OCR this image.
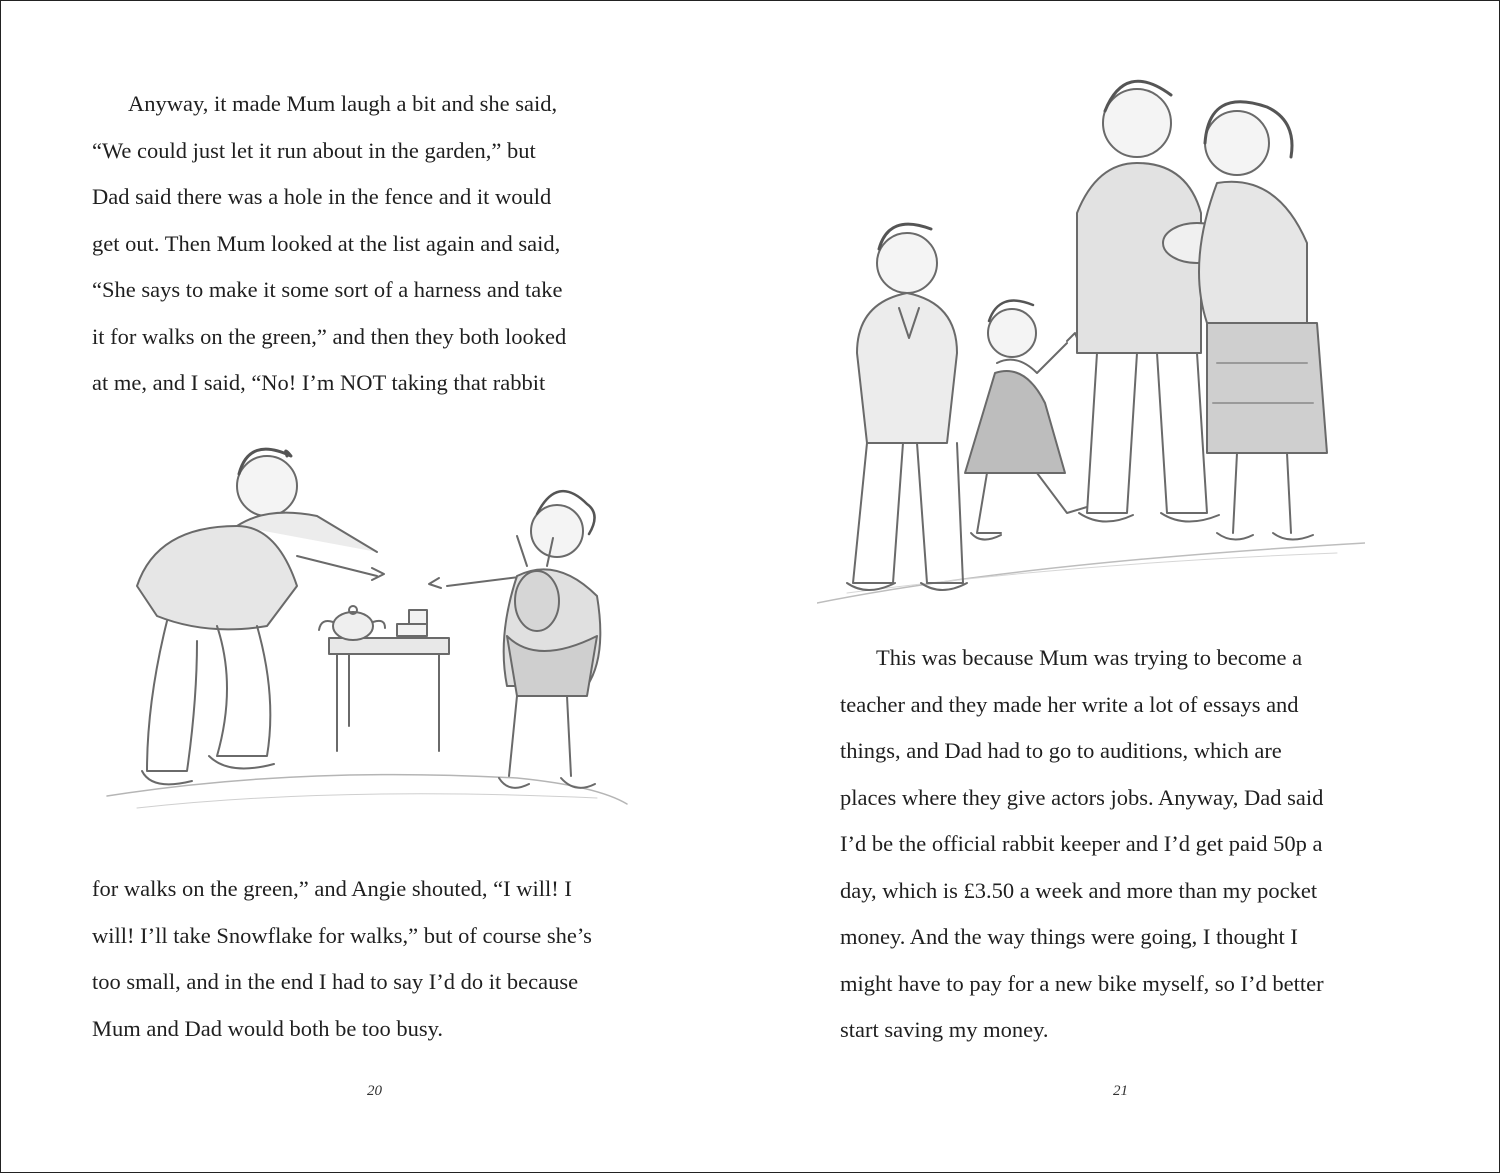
Anyway, it made Mum laugh a bit and she said,
“We could just let it run about in the garden,” but
Dad said there was a hole in the fence and it would
get out. Then Mum looked at the list again and said,
“She says to make it some sort of a harness and take
it for walks on the green,” and then they both looked
at me, and I said, “No! I’m NOT taking that rabbit
for walks on the green,” and Angie shouted, “I will! I
will! I’ll take Snowflake for walks,” but of course she’s
too small, and in the end I had to say I’d do it because
Mum and Dad would both be too busy.
20
This was because Mum was trying to become a
teacher and they made her write a lot of essays and
things, and Dad had to go to auditions, which are
places where they give actors jobs. Anyway, Dad said
I’d be the official rabbit keeper and I’d get paid 50p a
day, which is £3.50 a week and more than my pocket
money. And the way things were going, I thought I
might have to pay for a new bike myself, so I’d better
start saving my money.
21
